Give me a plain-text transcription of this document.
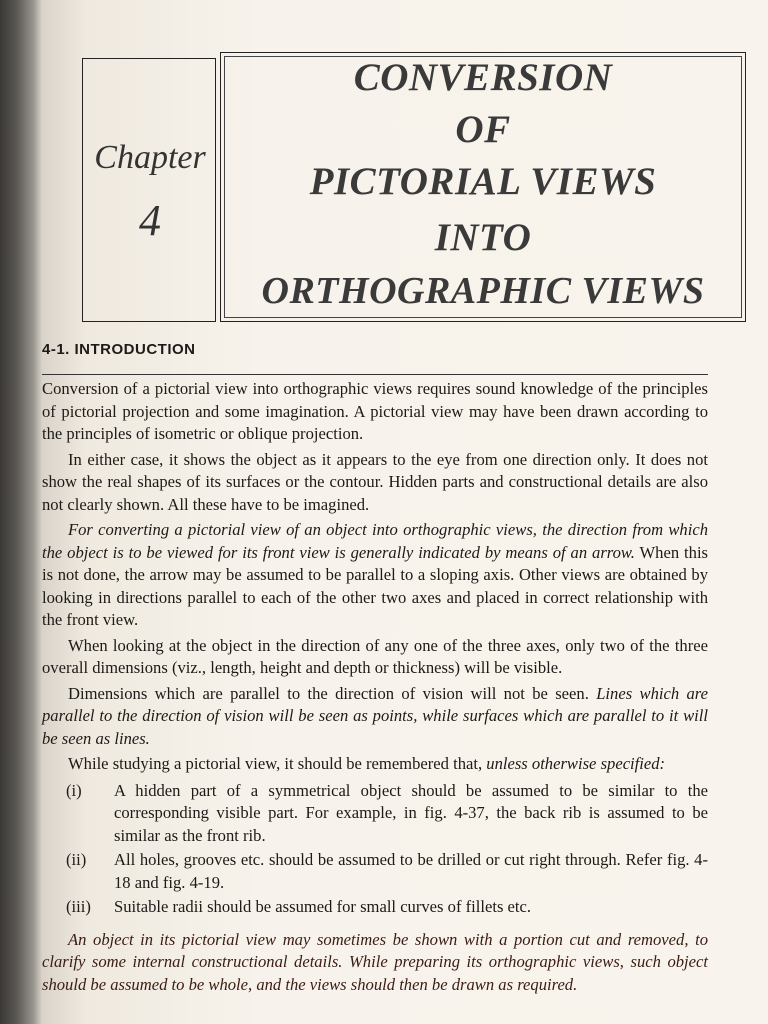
Chapter
4
CONVERSION
OF
PICTORIAL VIEWS
INTO
ORTHOGRAPHIC VIEWS
4-1. INTRODUCTION

Conversion of a pictorial view into orthographic views requires sound knowledge of the principles of pictorial projection and some imagination. A pictorial view may have been drawn according to the principles of isometric or oblique projection.

In either case, it shows the object as it appears to the eye from one direction only. It does not show the real shapes of its surfaces or the contour. Hidden parts and constructional details are also not clearly shown. All these have to be imagined.

For converting a pictorial view of an object into orthographic views, the direction from which the object is to be viewed for its front view is generally indicated by means of an arrow. When this is not done, the arrow may be assumed to be parallel to a sloping axis. Other views are obtained by looking in directions parallel to each of the other two axes and placed in correct relationship with the front view.

When looking at the object in the direction of any one of the three axes, only two of the three overall dimensions (viz., length, height and depth or thickness) will be visible.

Dimensions which are parallel to the direction of vision will not be seen. Lines which are parallel to the direction of vision will be seen as points, while surfaces which are parallel to it will be seen as lines.

While studying a pictorial view, it should be remembered that, unless otherwise specified:

(i) A hidden part of a symmetrical object should be assumed to be similar to the corresponding visible part. For example, in fig. 4-37, the back rib is assumed to be similar as the front rib.
(ii) All holes, grooves etc. should be assumed to be drilled or cut right through. Refer fig. 4-18 and fig. 4-19.
(iii) Suitable radii should be assumed for small curves of fillets etc.

An object in its pictorial view may sometimes be shown with a portion cut and removed, to clarify some internal constructional details. While preparing its orthographic views, such object should be assumed to be whole, and the views should then be drawn as required.
